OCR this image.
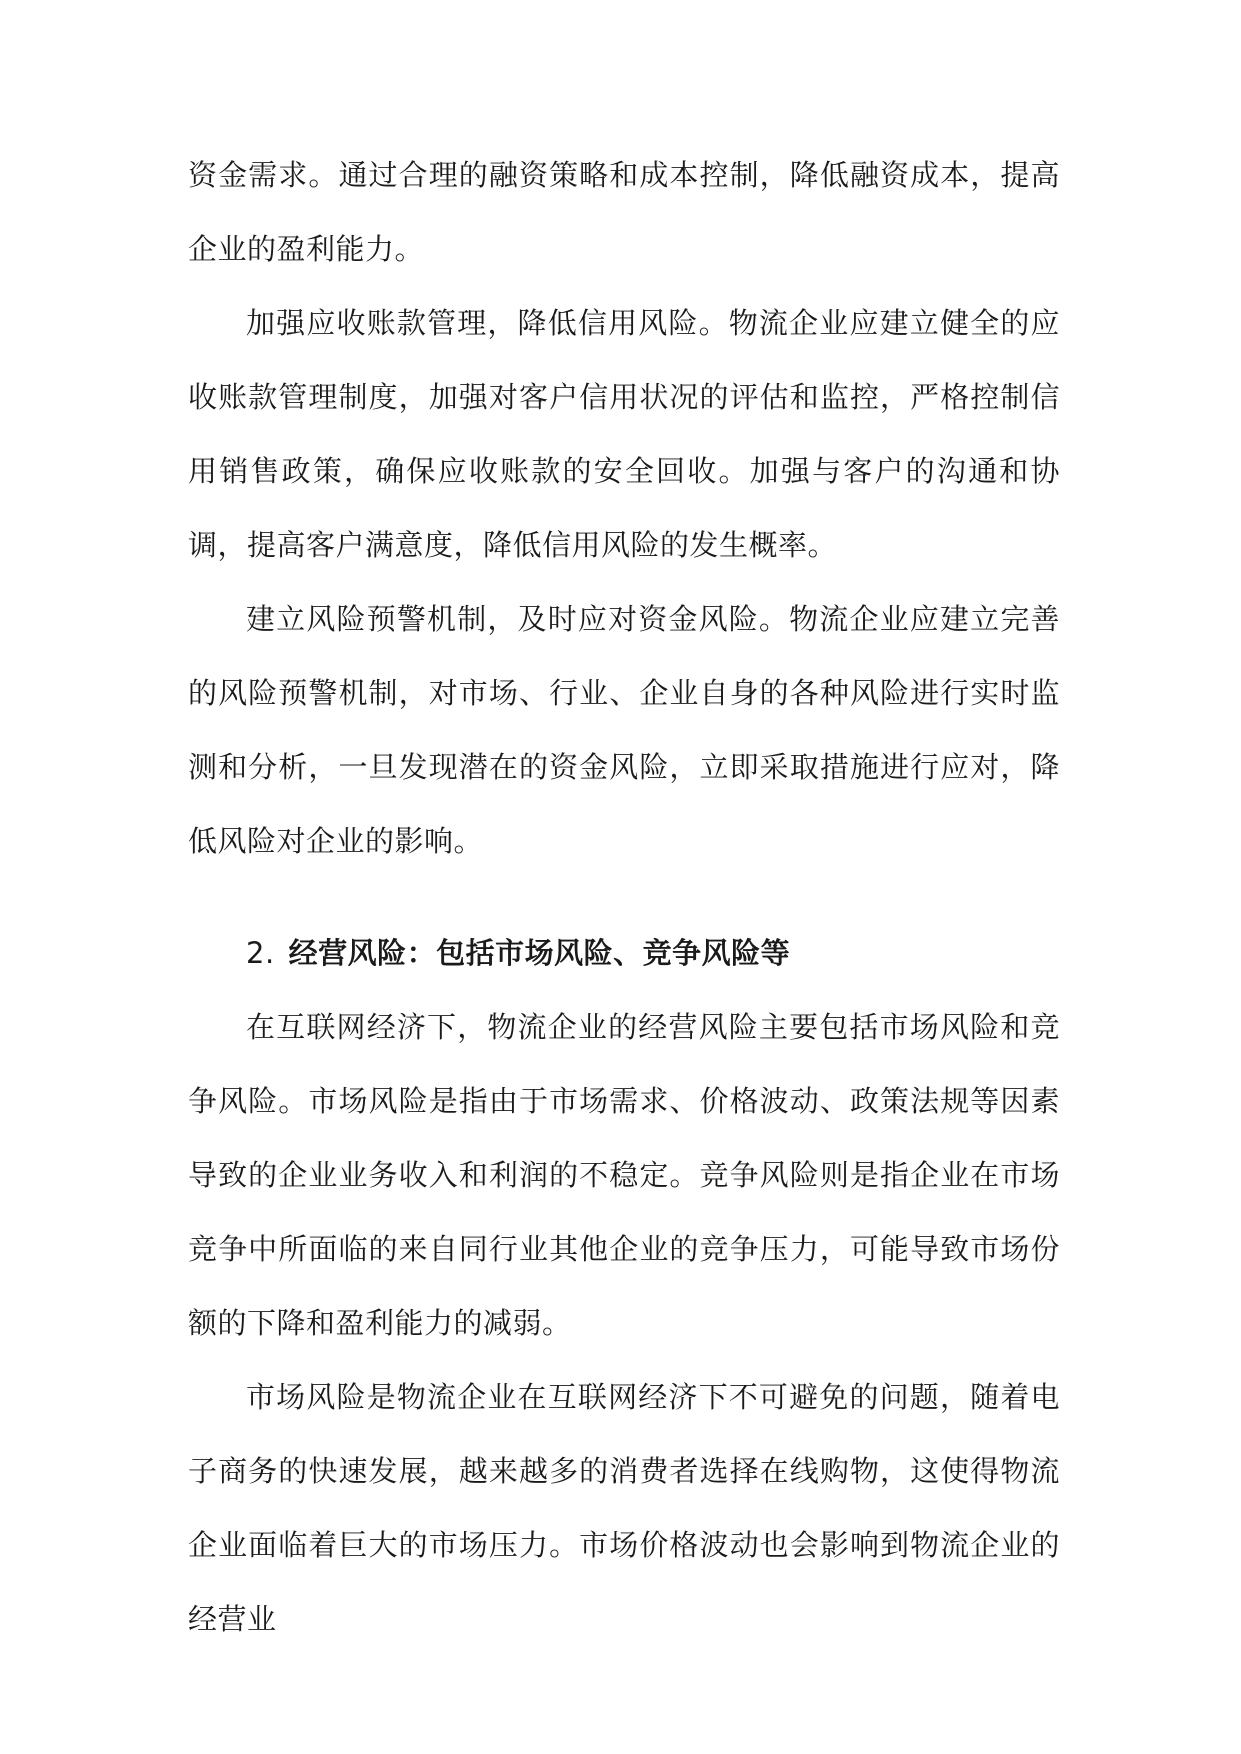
资金需求。通过合理的融资策略和成本控制，降低融资成本，提高企业的盈利能力。

加强应收账款管理，降低信用风险。物流企业应建立健全的应收账款管理制度，加强对客户信用状况的评估和监控，严格控制信用销售政策，确保应收账款的安全回收。加强与客户的沟通和协调，提高客户满意度，降低信用风险的发生概率。

建立风险预警机制，及时应对资金风险。物流企业应建立完善的风险预警机制，对市场、行业、企业自身的各种风险进行实时监测和分析，一旦发现潜在的资金风险，立即采取措施进行应对，降低风险对企业的影响。

2. 经营风险：包括市场风险、竞争风险等

在互联网经济下，物流企业的经营风险主要包括市场风险和竞争风险。市场风险是指由于市场需求、价格波动、政策法规等因素导致的企业业务收入和利润的不稳定。竞争风险则是指企业在市场竞争中所面临的来自同行业其他企业的竞争压力，可能导致市场份额的下降和盈利能力的减弱。

市场风险是物流企业在互联网经济下不可避免的问题，随着电子商务的快速发展，越来越多的消费者选择在线购物，这使得物流企业面临着巨大的市场压力。市场价格波动也会影响到物流企业的经营业
